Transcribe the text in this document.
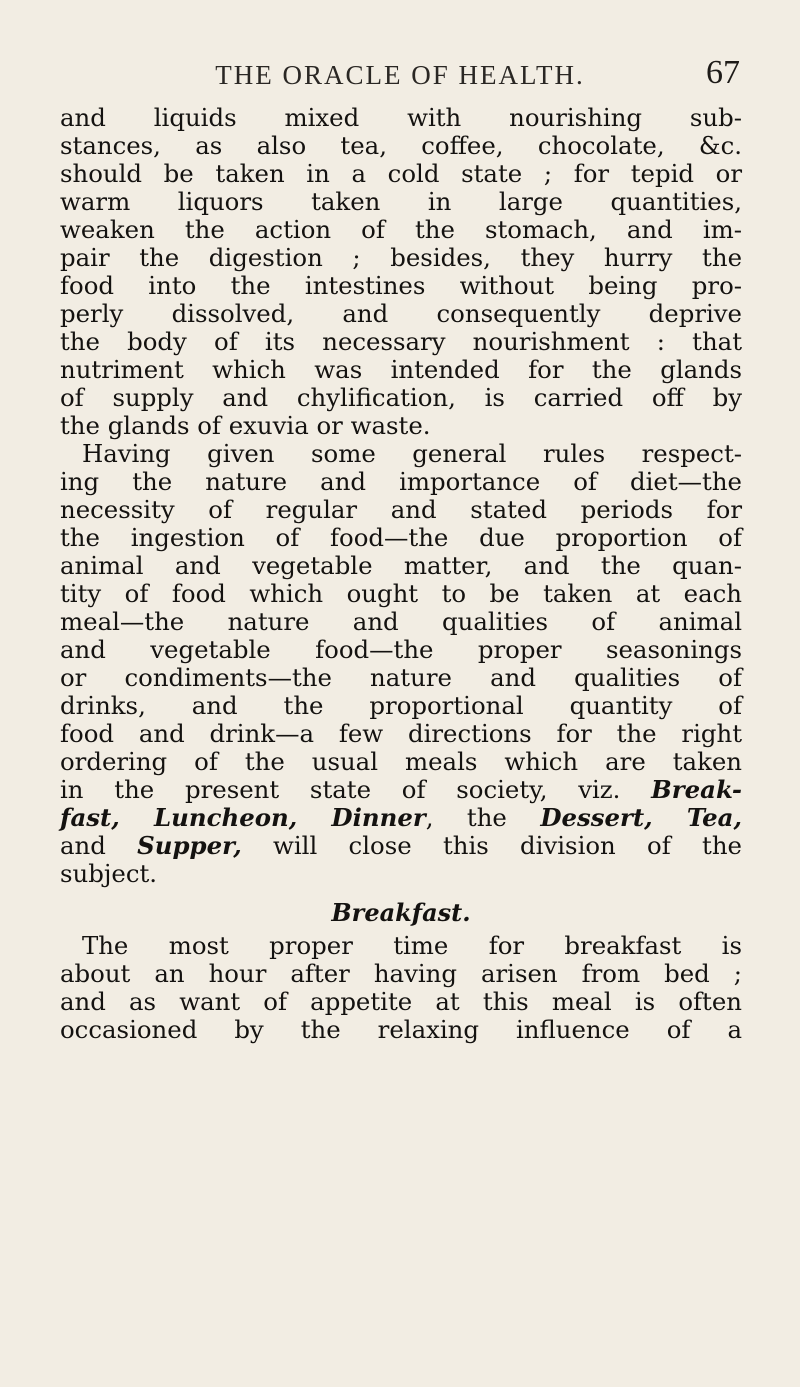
THE ORACLE OF HEALTH.	67
and liquids mixed with nourishing sub-
stances, as also tea, coffee, chocolate, &c.
should be taken in a cold state ; for tepid or
warm liquors taken in large quantities,
weaken the action of the stomach, and im-
pair the digestion ; besides, they hurry the
food into the intestines without being pro-
perly dissolved, and consequently deprive
the body of its necessary nourishment : that
nutriment which was intended for the glands
of supply and chylification, is carried off by
the glands of exuvia or waste.
Having given some general rules respect-
ing the nature and importance of diet—the
necessity of regular and stated periods for
the ingestion of food—the due proportion of
animal and vegetable matter, and the quan-
tity of food which ought to be taken at each
meal—the nature and qualities of animal
and vegetable food—the proper seasonings
or condiments—the nature and qualities of
drinks, and the proportional quantity of
food and drink—a few directions for the right
ordering of the usual meals which are taken
in the present state of society, viz. Break-
fast, Luncheon, Dinner, the Dessert, Tea,
and Supper, will close this division of the
subject.
Breakfast.
The most proper time for breakfast is
about an hour after having arisen from bed ;
and as want of appetite at this meal is often
occasioned by the relaxing influence of a
